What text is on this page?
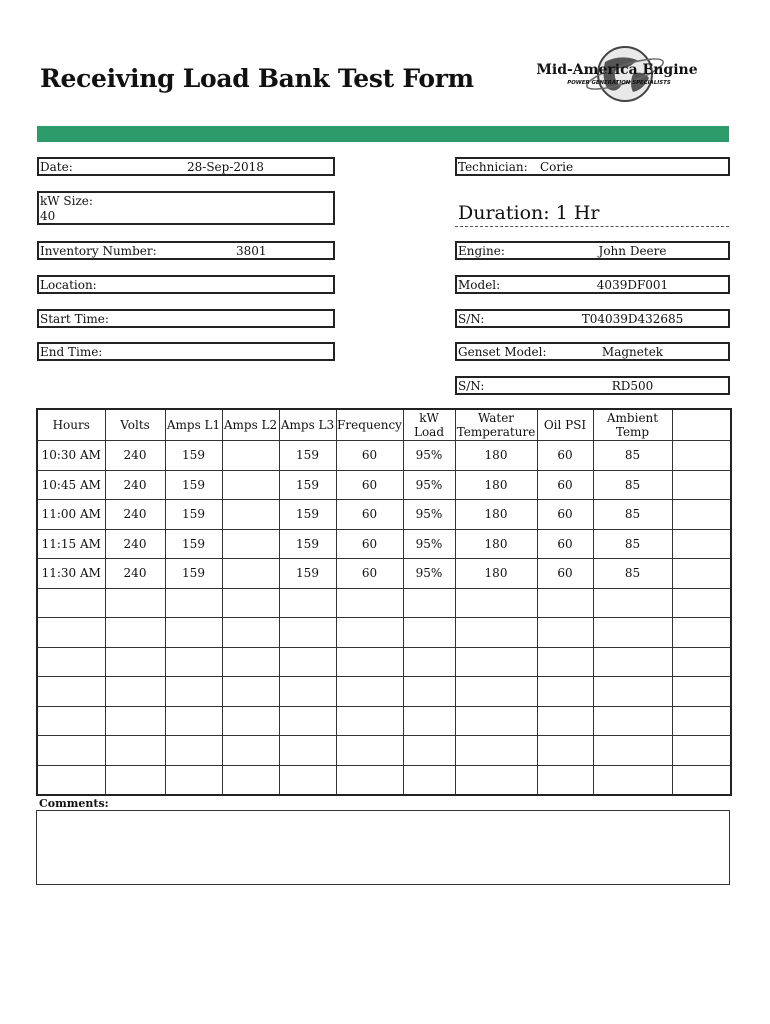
Receiving Load Bank Test Form	Mid-America Engine
POWER GENERATION SPECIALISTS
Date:	28-Sep-2018
kW Size:
40
Inventory Number:	3801
Location:
Start Time:
End Time:
Technician: Corie
Duration: 1 Hr
Engine:	John Deere
Model:	4039DF001
S/N:	T04039D432685
Genset Model:	Magnetek
S/N:	RD500
Hours	Volts	Amps L1	Amps L2	Amps L3	Frequency	kW Load	Water Temperature	Oil PSI	Ambient Temp	
10:30 AM	240	159		159	60	95%	180	60	85	
10:45 AM	240	159		159	60	95%	180	60	85	
11:00 AM	240	159		159	60	95%	180	60	85	
11:15 AM	240	159		159	60	95%	180	60	85	
11:30 AM	240	159		159	60	95%	180	60	85	

Comments:
